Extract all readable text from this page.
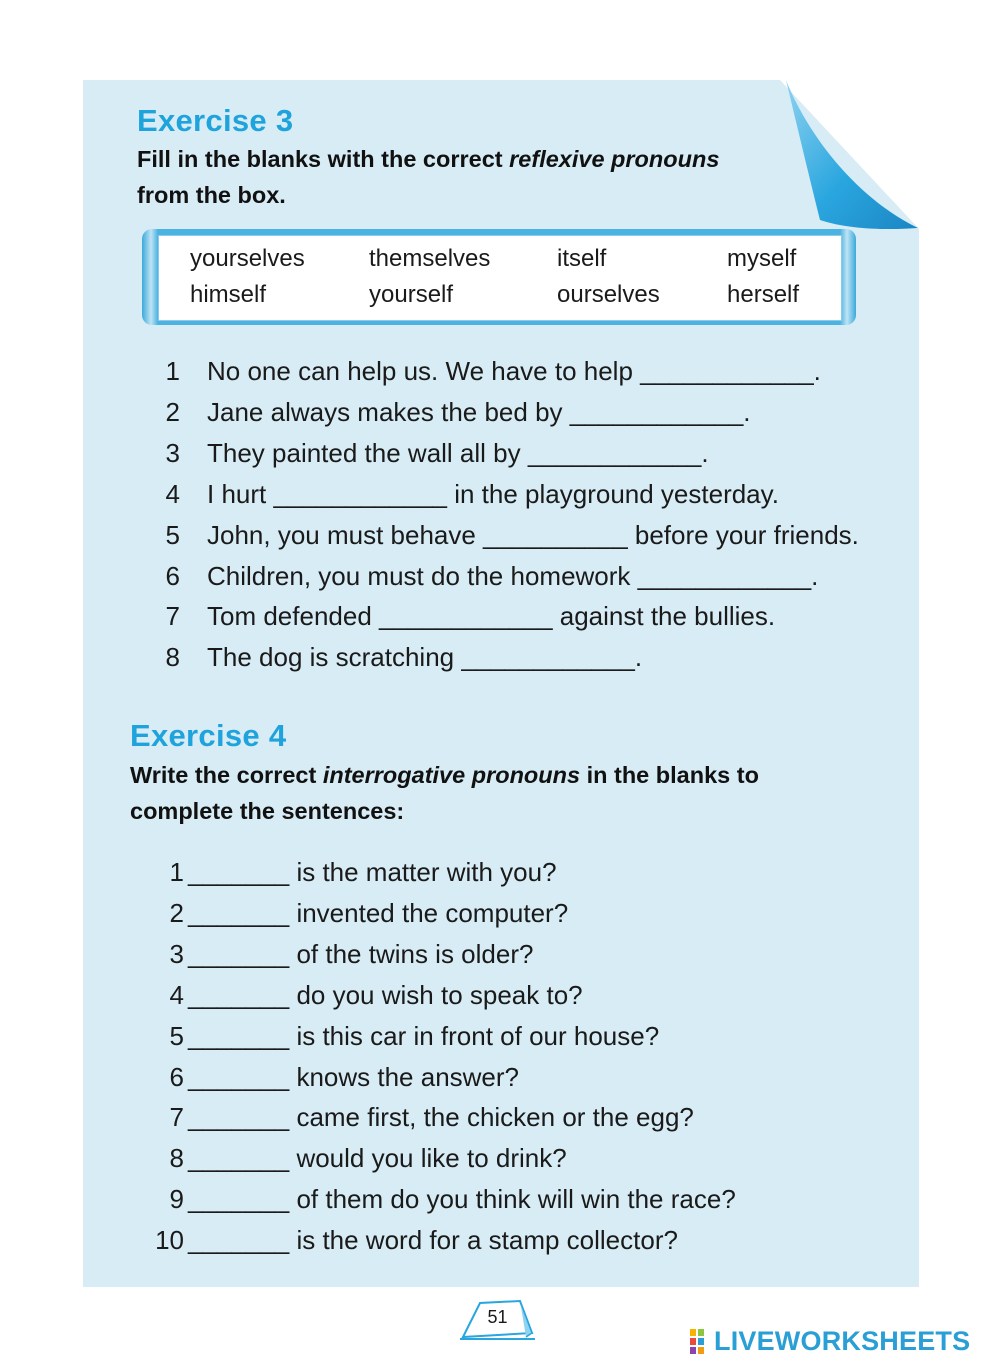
Exercise 3
Fill in the blanks with the correct reflexive pronouns
from the box.
yourselves	themselves	itself	myself
himself	yourself	ourselves	herself
1 No one can help us. We have to help ____________.
2 Jane always makes the bed by ____________.
3 They painted the wall all by ____________.
4 I hurt ____________ in the playground yesterday.
5 John, you must behave __________ before your friends.
6 Children, you must do the homework ____________.
7 Tom defended ____________ against the bullies.
8 The dog is scratching ____________.
Exercise 4
Write the correct interrogative pronouns in the blanks to
complete the sentences:
1 _______ is the matter with you?
2 _______ invented the computer?
3 _______ of the twins is older?
4 _______ do you wish to speak to?
5 _______ is this car in front of our house?
6 _______ knows the answer?
7 _______ came first, the chicken or the egg?
8 _______ would you like to drink?
9 _______ of them do you think will win the race?
10 _______ is the word for a stamp collector?
51
LIVEWORKSHEETS
